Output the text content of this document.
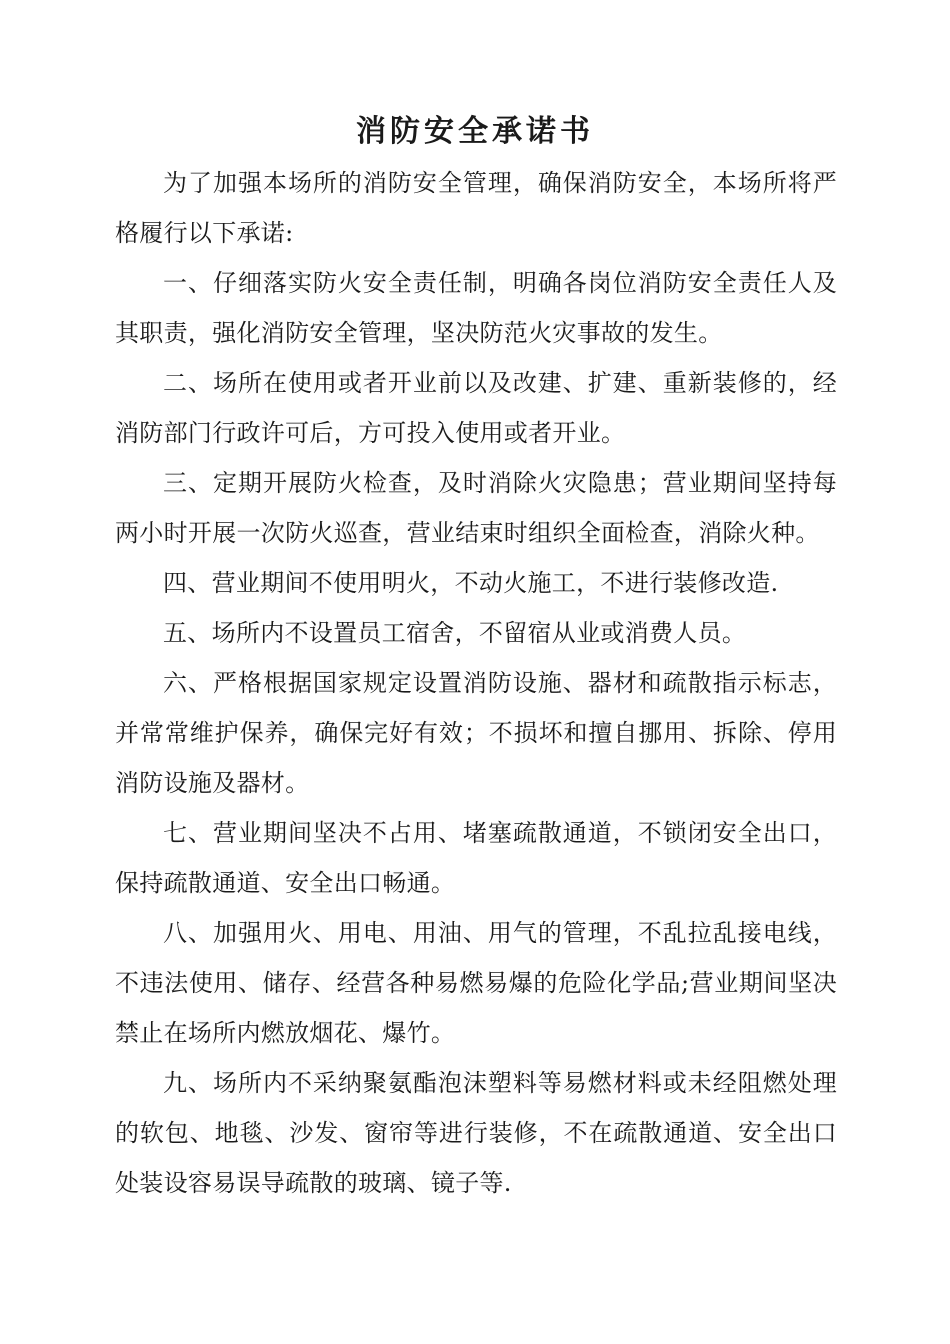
消防安全承诺书

为了加强本场所的消防安全管理，确保消防安全，本场所将严格履行以下承诺:

一、仔细落实防火安全责任制，明确各岗位消防安全责任人及其职责，强化消防安全管理，坚决防范火灾事故的发生。

二、场所在使用或者开业前以及改建、扩建、重新装修的，经消防部门行政许可后，方可投入使用或者开业。

三、定期开展防火检查，及时消除火灾隐患；营业期间坚持每两小时开展一次防火巡查，营业结束时组织全面检查，消除火种。

四、营业期间不使用明火，不动火施工，不进行装修改造.

五、场所内不设置员工宿舍，不留宿从业或消费人员。

六、严格根据国家规定设置消防设施、器材和疏散指示标志，并常常维护保养，确保完好有效；不损坏和擅自挪用、拆除、停用消防设施及器材。

七、营业期间坚决不占用、堵塞疏散通道，不锁闭安全出口，保持疏散通道、安全出口畅通。

八、加强用火、用电、用油、用气的管理，不乱拉乱接电线，不违法使用、储存、经营各种易燃易爆的危险化学品;营业期间坚决禁止在场所内燃放烟花、爆竹。

九、场所内不采纳聚氨酯泡沫塑料等易燃材料或未经阻燃处理的软包、地毯、沙发、窗帘等进行装修，不在疏散通道、安全出口处装设容易误导疏散的玻璃、镜子等.
